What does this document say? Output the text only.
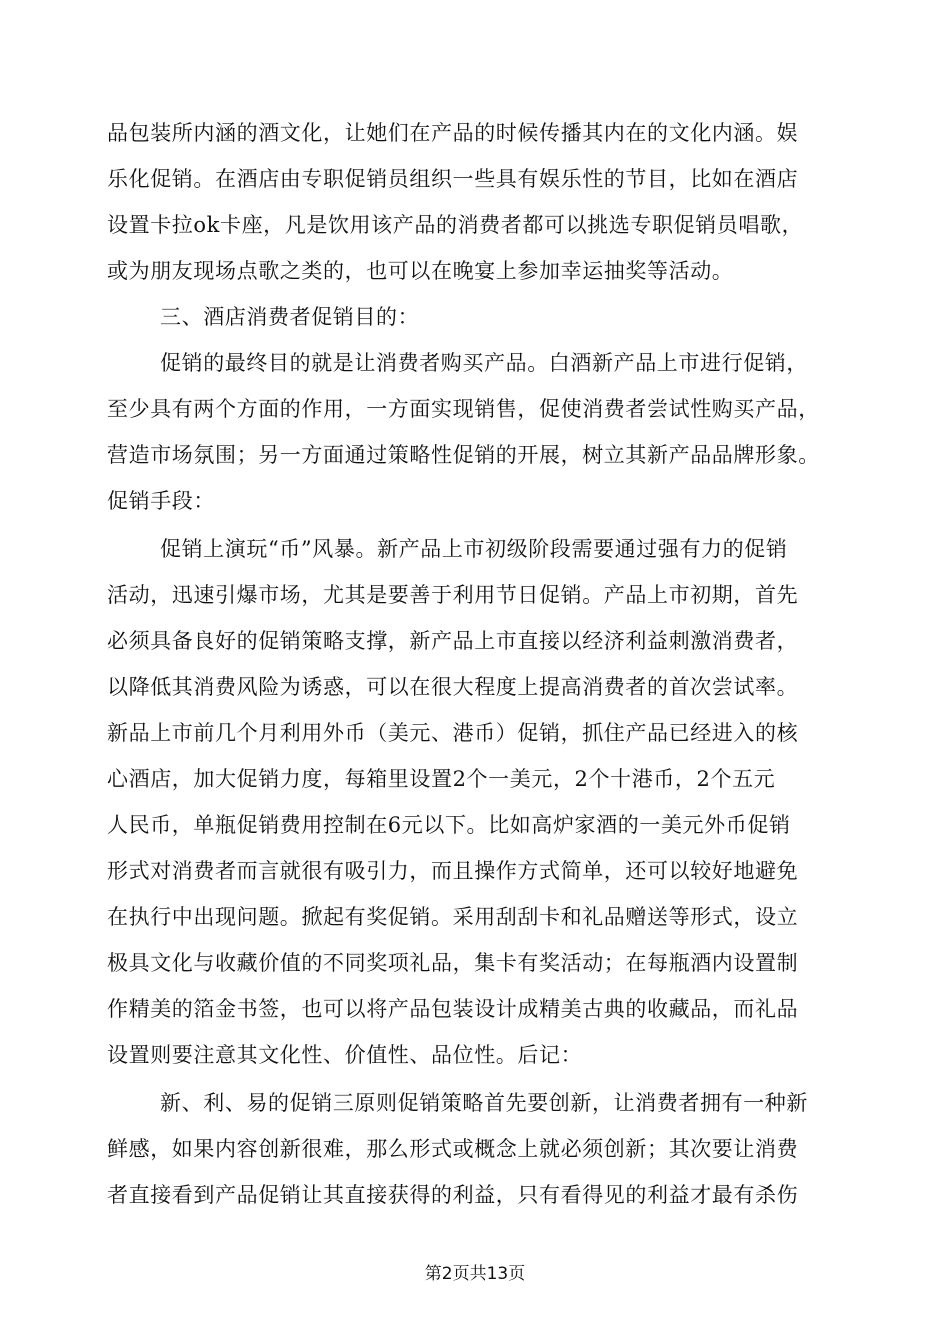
品包装所内涵的酒文化，让她们在产品的时候传播其内在的文化内涵。娱
乐化促销。在酒店由专职促销员组织一些具有娱乐性的节目，比如在酒店
设置卡拉ok卡座，凡是饮用该产品的消费者都可以挑选专职促销员唱歌，
或为朋友现场点歌之类的，也可以在晚宴上参加幸运抽奖等活动。
三、酒店消费者促销目的：
促销的最终目的就是让消费者购买产品。白酒新产品上市进行促销，
至少具有两个方面的作用，一方面实现销售，促使消费者尝试性购买产品，
营造市场氛围；另一方面通过策略性促销的开展，树立其新产品品牌形象。
促销手段：
促销上演玩“币”风暴。新产品上市初级阶段需要通过强有力的促销
活动，迅速引爆市场，尤其是要善于利用节日促销。产品上市初期，首先
必须具备良好的促销策略支撑，新产品上市直接以经济利益刺激消费者，
以降低其消费风险为诱惑，可以在很大程度上提高消费者的首次尝试率。
新品上市前几个月利用外币（美元、港币）促销，抓住产品已经进入的核
心酒店，加大促销力度，每箱里设置2个一美元，2个十港币，2个五元
人民币，单瓶促销费用控制在6元以下。比如高炉家酒的一美元外币促销
形式对消费者而言就很有吸引力，而且操作方式简单，还可以较好地避免
在执行中出现问题。掀起有奖促销。采用刮刮卡和礼品赠送等形式，设立
极具文化与收藏价值的不同奖项礼品，集卡有奖活动；在每瓶酒内设置制
作精美的箔金书签，也可以将产品包装设计成精美古典的收藏品，而礼品
设置则要注意其文化性、价值性、品位性。后记：
新、利、易的促销三原则促销策略首先要创新，让消费者拥有一种新
鲜感，如果内容创新很难，那么形式或概念上就必须创新；其次要让消费
者直接看到产品促销让其直接获得的利益，只有看得见的利益才最有杀伤
第2页共13页
